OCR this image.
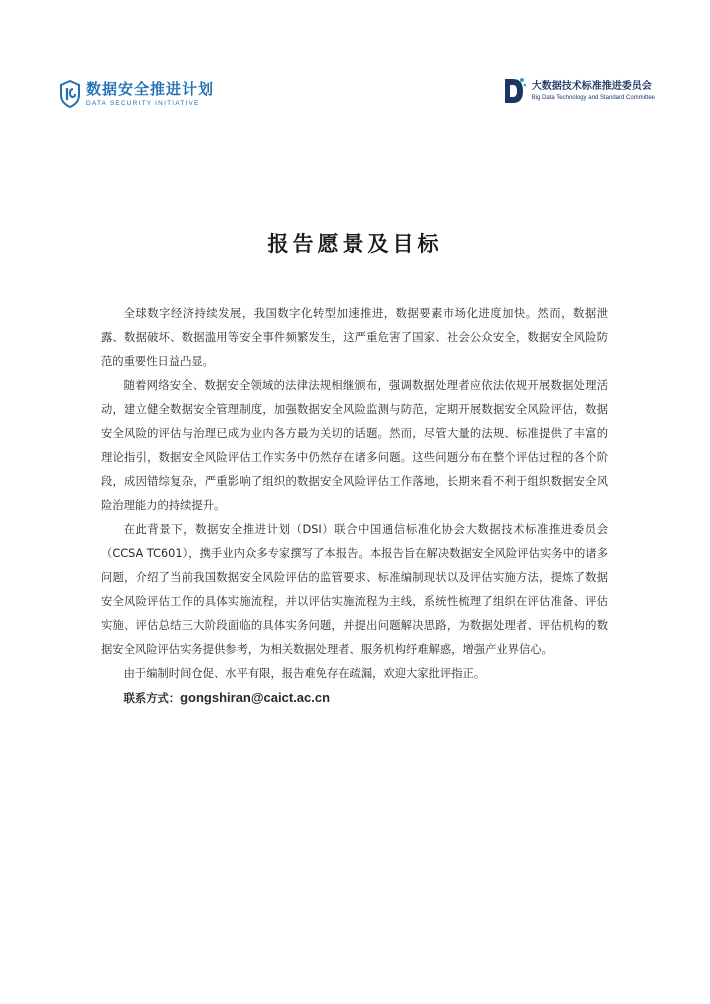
数据安全推进计划
DATA SECURITY INITIATIVE
大数据技术标准推进委员会
Big Data Technology and Standard Committee
报告愿景及目标

全球数字经济持续发展，我国数字化转型加速推进，数据要素市场化进度加快。然而，数据泄露、数据破坏、数据滥用等安全事件频繁发生，这严重危害了国家、社会公众安全，数据安全风险防范的重要性日益凸显。

随着网络安全、数据安全领域的法律法规相继颁布，强调数据处理者应依法依规开展数据处理活动，建立健全数据安全管理制度，加强数据安全风险监测与防范，定期开展数据安全风险评估，数据安全风险的评估与治理已成为业内各方最为关切的话题。然而，尽管大量的法规、标准提供了丰富的理论指引，数据安全风险评估工作实务中仍然存在诸多问题。这些问题分布在整个评估过程的各个阶段，成因错综复杂，严重影响了组织的数据安全风险评估工作落地，长期来看不利于组织数据安全风险治理能力的持续提升。

在此背景下，数据安全推进计划（DSI）联合中国通信标准化协会大数据技术标准推进委员会（CCSA TC601），携手业内众多专家撰写了本报告。本报告旨在解决数据安全风险评估实务中的诸多问题，介绍了当前我国数据安全风险评估的监管要求、标准编制现状以及评估实施方法，提炼了数据安全风险评估工作的具体实施流程，并以评估实施流程为主线，系统性梳理了组织在评估准备、评估实施、评估总结三大阶段面临的具体实务问题，并提出问题解决思路，为数据处理者、评估机构的数据安全风险评估实务提供参考，为相关数据处理者、服务机构纾难解惑，增强产业界信心。

由于编制时间仓促、水平有限，报告难免存在疏漏，欢迎大家批评指正。

联系方式：gongshiran@caict.ac.cn
